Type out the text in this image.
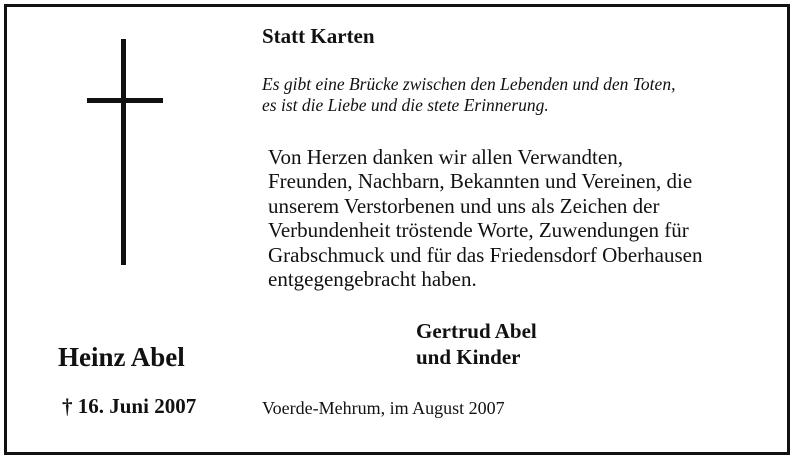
Statt Karten

Es gibt eine Brücke zwischen den Lebenden und den Toten,
es ist die Liebe und die stete Erinnerung.

Von Herzen danken wir allen Verwandten,
Freunden, Nachbarn, Bekannten und Vereinen, die
unserem Verstorbenen und uns als Zeichen der
Verbundenheit tröstende Worte, Zuwendungen für
Grabschmuck und für das Friedensdorf Oberhausen
entgegengebracht haben.

Gertrud Abel
und Kinder

Heinz Abel

† 16. Juni 2007	Voerde-Mehrum, im August 2007
